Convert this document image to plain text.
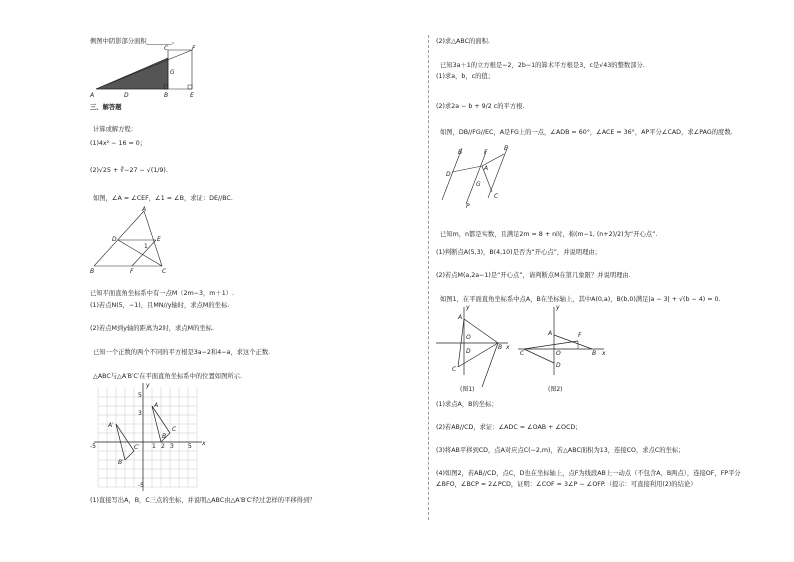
侧图中阴影部分面积________。
A	D	B	E
C	F
G
三、解答题
计算或解方程：
(1)4x² − 16 = 0；
(2)√25 + ∛−27 − √(1/9).
如图，∠A = ∠CEF，∠1 = ∠B，求证：DE//BC.
A
D	E
1
B	F	C
已知平面直角坐标系中有一点M（2m−3，m＋1）.
(1)若点N(5，−1)，且MN//y轴时，求点M的坐标.
(2)若点M到y轴的距离为2时，求点M的坐标.
已知一个正数的两个不同的平方根是3a−2和4−a，求这个正数.
△ABC与△A′B′C′在平面直角坐标系中的位置如图所示.
y
x
A
C
B
A′
C′
B′
-5	1 2 3 5
5
3
-5
(1)直接写出A，B，C三点的坐标，并说明△ABC由△A′B′C′经过怎样的平移得到？
(2)求△ABC的面积.
已知3a＋1的立方根是−2，2b−1的算术平方根是3，c是√43的整数部分.
(1)求a，b，c的值；
(2)求2a − b + 9/2 c的平方根.
如图，DB//FG//EC，A是FG上的一点，∠ADB = 60°，∠ACE = 36°，AP平分∠CAD，求∠PAG的度数.
B	F
E
D
A
G
C
P
已知m，n都是实数，且满足2m = 8 + n时，称(m−1, (n+2)/2)为“开心点”.
(1)判断点A(5,3)，B(4,10)是否为“开心点”，并说明理由；
(2)若点M(a,2a−1)是“开心点”，请判断点M在第几象限？并说明理由.
如图1，在平面直角坐标系中点A，B在坐标轴上，其中A(0,a)，B(b,0)满足|a − 3| + √(b − 4) = 0.
A
O
B
C
D
x
y
(图1)
A
O	B
C
D
F
x
y
(图2)
(1)求点A，B的坐标；
(2)若AB//CD，求证：∠ADC = ∠OAB + ∠OCD；
(3)将AB平移到CD，点A对应点C(−2,m)，若△ABC面积为13，连接CO，求点C的坐标；
(4)如图2，若AB//CD，点C，D也在坐标轴上，点F为线段AB上一动点（不包含A，B两点），连接OF，FP平分
∠BFO，∠BCP = 2∠PCD，证明：∠COF = 3∠P − ∠OFP.（提示：可直接利用(2)的结论）
